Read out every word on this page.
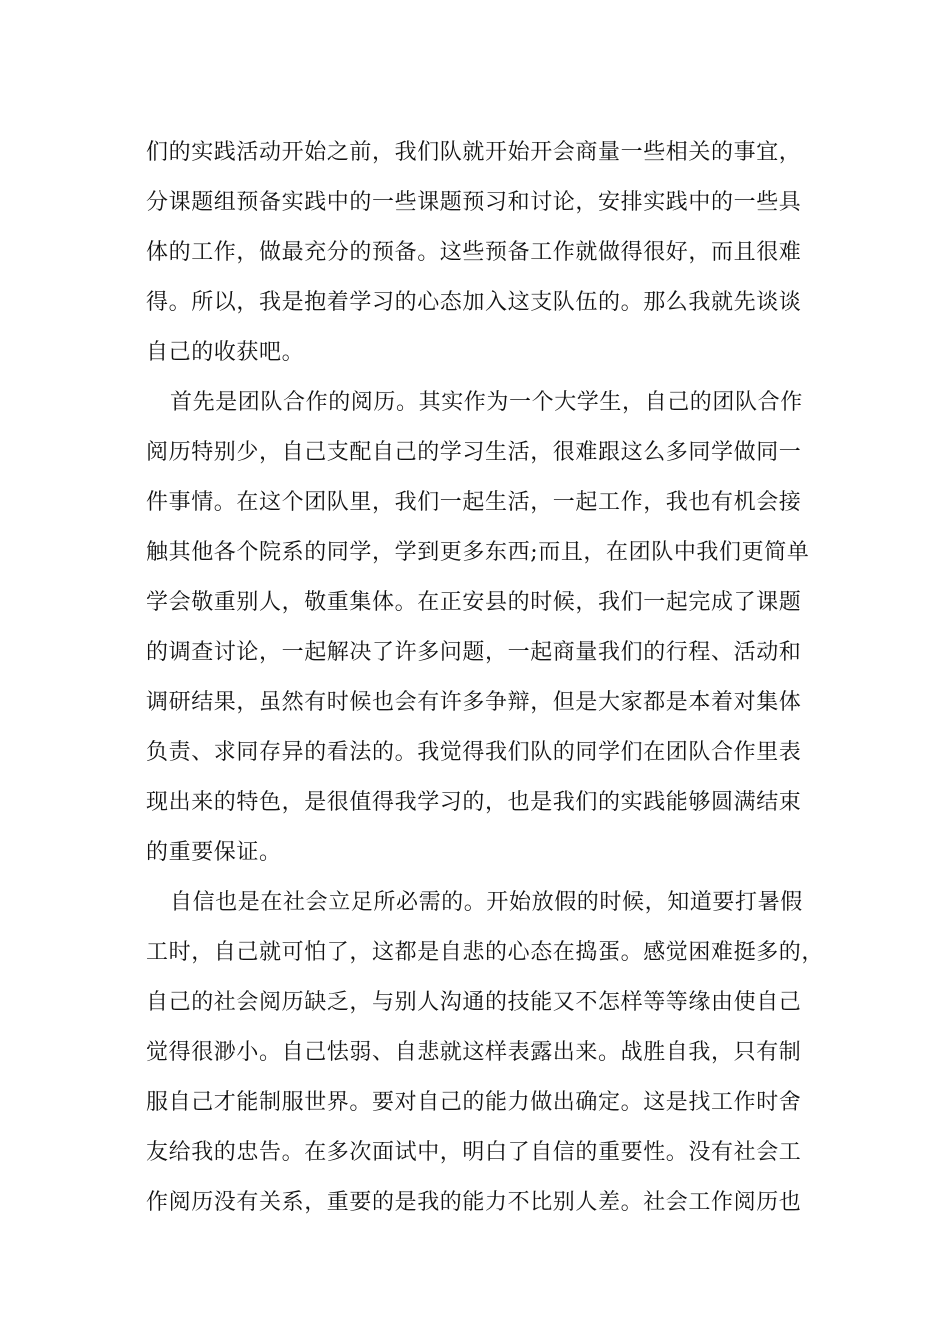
们的实践活动开始之前，我们队就开始开会商量一些相关的事宜，
分课题组预备实践中的一些课题预习和讨论，安排实践中的一些具
体的工作，做最充分的预备。这些预备工作就做得很好，而且很难
得。所以，我是抱着学习的心态加入这支队伍的。那么我就先谈谈
自己的收获吧。
首先是团队合作的阅历。其实作为一个大学生，自己的团队合作
阅历特别少，自己支配自己的学习生活，很难跟这么多同学做同一
件事情。在这个团队里，我们一起生活，一起工作，我也有机会接
触其他各个院系的同学，学到更多东西;而且，在团队中我们更简单
学会敬重别人，敬重集体。在正安县的时候，我们一起完成了课题
的调查讨论，一起解决了许多问题，一起商量我们的行程、活动和
调研结果，虽然有时候也会有许多争辩，但是大家都是本着对集体
负责、求同存异的看法的。我觉得我们队的同学们在团队合作里表
现出来的特色，是很值得我学习的，也是我们的实践能够圆满结束
的重要保证。
自信也是在社会立足所必需的。开始放假的时候，知道要打暑假
工时，自己就可怕了，这都是自悲的心态在捣蛋。感觉困难挺多的，
自己的社会阅历缺乏，与别人沟通的技能又不怎样等等缘由使自己
觉得很渺小。自己怯弱、自悲就这样表露出来。战胜自我，只有制
服自己才能制服世界。要对自己的能力做出确定。这是找工作时舍
友给我的忠告。在多次面试中，明白了自信的重要性。没有社会工
作阅历没有关系，重要的是我的能力不比别人差。社会工作阅历也
